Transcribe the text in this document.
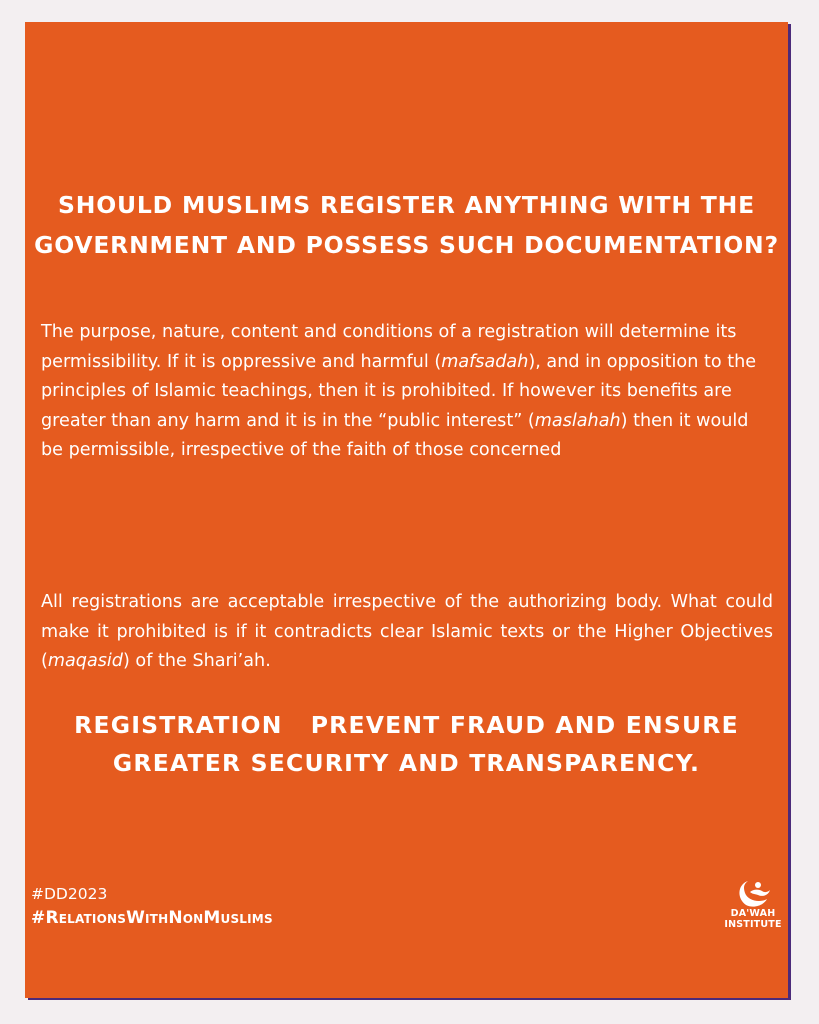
SHOULD MUSLIMS REGISTER ANYTHING WITH THE GOVERNMENT AND POSSESS SUCH DOCUMENTATION?

The purpose, nature, content and conditions of a registration will determine its permissibility. If it is oppressive and harmful (mafsadah), and in opposition to the principles of Islamic teachings, then it is prohibited. If however its benefits are greater than any harm and it is in the “public interest” (maslahah) then it would be permissible, irrespective of the faith of those concerned

All registrations are acceptable irrespective of the authorizing body. What could make it prohibited is if it contradicts clear Islamic texts or the Higher Objectives (maqasid) of the Shari’ah.

REGISTRATION   PREVENT FRAUD AND ENSURE GREATER SECURITY AND TRANSPARENCY.
#DD2023
#RelationsWithNonMuslims	DA'WAH
INSTITUTE
